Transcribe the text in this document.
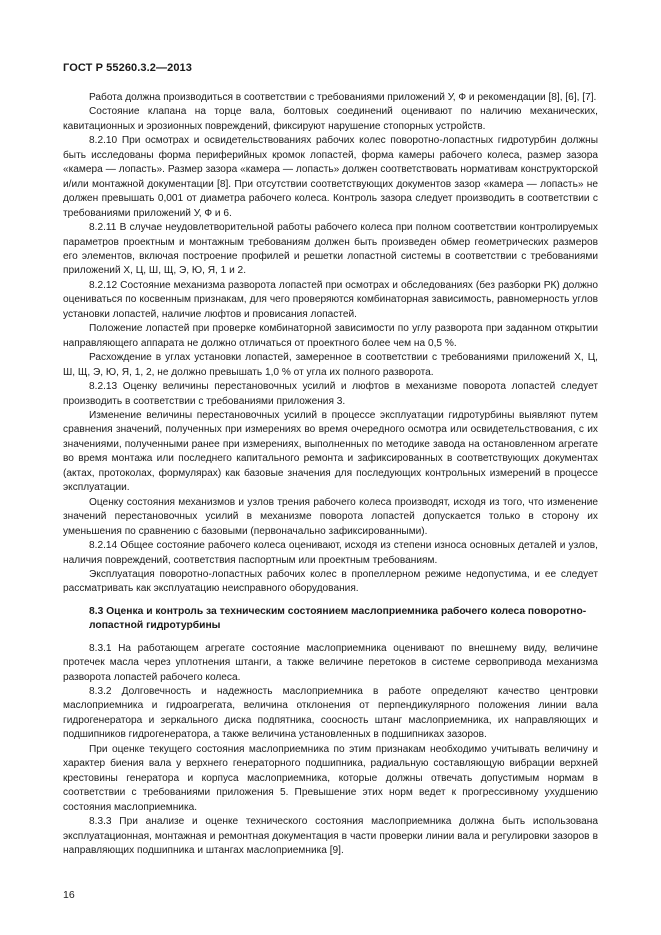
ГОСТ Р 55260.3.2—2013

Работа должна производиться в соответствии с требованиями приложений У, Ф и рекомендации [8], [6], [7].

Состояние клапана на торце вала, болтовых соединений оценивают по наличию механических, кавитационных и эрозионных повреждений, фиксируют нарушение стопорных устройств.

8.2.10 При осмотрах и освидетельствованиях рабочих колес поворотно-лопастных гидротурбин должны быть исследованы форма периферийных кромок лопастей, форма камеры рабочего колеса, размер зазора «камера — лопасть». Размер зазора «камера — лопасть» должен соответствовать нормативам конструкторской и/или монтажной документации [8]. При отсутствии соответствующих документов зазор «камера — лопасть» не должен превышать 0,001 от диаметра рабочего колеса. Контроль зазора следует производить в соответствии с требованиями приложений У, Ф и 6.

8.2.11 В случае неудовлетворительной работы рабочего колеса при полном соответствии контролируемых параметров проектным и монтажным требованиям должен быть произведен обмер геометрических размеров его элементов, включая построение профилей и решетки лопастной системы в соответствии с требованиями приложений Х, Ц, Ш, Щ, Э, Ю, Я, 1 и 2.

8.2.12 Состояние механизма разворота лопастей при осмотрах и обследованиях (без разборки РК) должно оцениваться по косвенным признакам, для чего проверяются комбинаторная зависимость, равномерность углов установки лопастей, наличие люфтов и провисания лопастей.

Положение лопастей при проверке комбинаторной зависимости по углу разворота при заданном открытии направляющего аппарата не должно отличаться от проектного более чем на 0,5 %.

Расхождение в углах установки лопастей, замеренное в соответствии с требованиями приложений Х, Ц, Ш, Щ, Э, Ю, Я, 1, 2, не должно превышать 1,0 % от угла их полного разворота.

8.2.13 Оценку величины перестановочных усилий и люфтов в механизме поворота лопастей следует производить в соответствии с требованиями приложения 3.

Изменение величины перестановочных усилий в процессе эксплуатации гидротурбины выявляют путем сравнения значений, полученных при измерениях во время очередного осмотра или освидетельствования, с их значениями, полученными ранее при измерениях, выполненных по методике завода на остановленном агрегате во время монтажа или последнего капитального ремонта и зафиксированных в соответствующих документах (актах, протоколах, формулярах) как базовые значения для последующих контрольных измерений в процессе эксплуатации.

Оценку состояния механизмов и узлов трения рабочего колеса производят, исходя из того, что изменение значений перестановочных усилий в механизме поворота лопастей допускается только в сторону их уменьшения по сравнению с базовыми (первоначально зафиксированными).

8.2.14 Общее состояние рабочего колеса оценивают, исходя из степени износа основных деталей и узлов, наличия повреждений, соответствия паспортным или проектным требованиям.

Эксплуатация поворотно-лопастных рабочих колес в пропеллерном режиме недопустима, и ее следует рассматривать как эксплуатацию неисправного оборудования.

8.3 Оценка и контроль за техническим состоянием маслоприемника рабочего колеса поворотно-лопастной гидротурбины

8.3.1 На работающем агрегате состояние маслоприемника оценивают по внешнему виду, величине протечек масла через уплотнения штанги, а также величине перетоков в системе сервопривода механизма разворота лопастей рабочего колеса.

8.3.2 Долговечность и надежность маслоприемника в работе определяют качество центровки маслоприемника и гидроагрегата, величина отклонения от перпендикулярного положения линии вала гидрогенератора и зеркального диска подпятника, соосность штанг маслоприемника, их направляющих и подшипников гидрогенератора, а также величина установленных в подшипниках зазоров.

При оценке текущего состояния маслоприемника по этим признакам необходимо учитывать величину и характер биения вала у верхнего генераторного подшипника, радиальную составляющую вибрации верхней крестовины генератора и корпуса маслоприемника, которые должны отвечать допустимым нормам в соответствии с требованиями приложения 5. Превышение этих норм ведет к прогрессивному ухудшению состояния маслоприемника.

8.3.3 При анализе и оценке технического состояния маслоприемника должна быть использована эксплуатационная, монтажная и ремонтная документация в части проверки линии вала и регулировки зазоров в направляющих подшипника и штангах маслоприемника [9].

16
